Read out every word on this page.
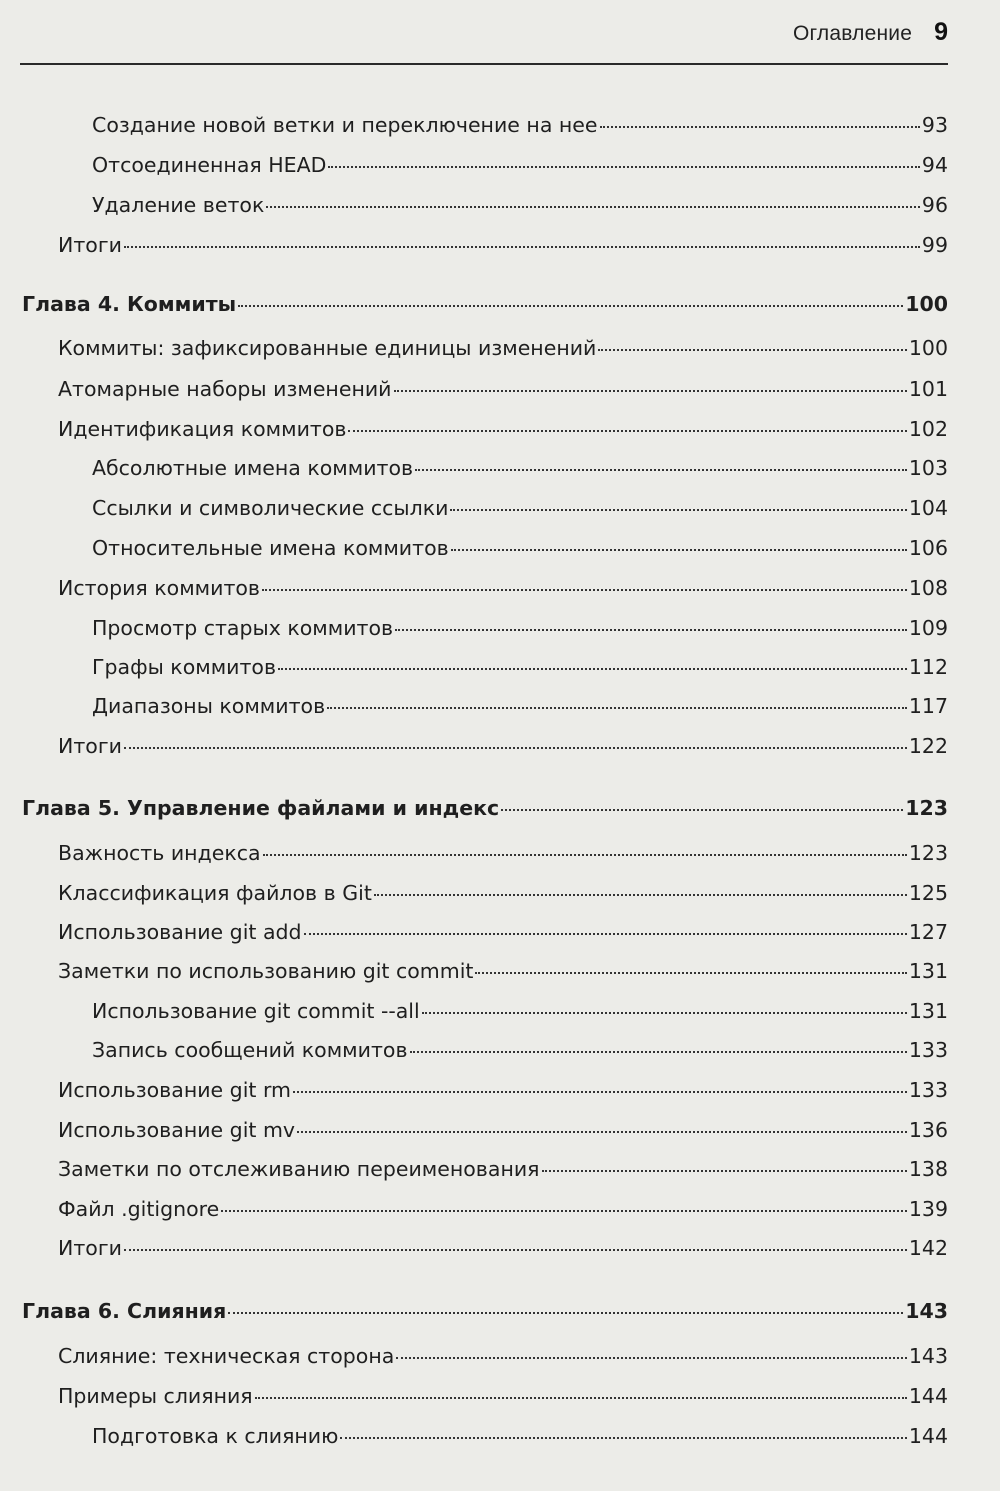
Оглавление 9
Создание новой ветки и переключение на нее	93
Отсоединенная HEAD	94
Удаление веток	96
Итоги	99
Глава 4. Коммиты	100
Коммиты: зафиксированные единицы изменений	100
Атомарные наборы изменений	101
Идентификация коммитов	102
Абсолютные имена коммитов	103
Ссылки и символические ссылки	104
Относительные имена коммитов	106
История коммитов	108
Просмотр старых коммитов	109
Графы коммитов	112
Диапазоны коммитов	117
Итоги	122
Глава 5. Управление файлами и индекс	123
Важность индекса	123
Классификация файлов в Git	125
Использование git add	127
Заметки по использованию git commit	131
Использование git commit --all	131
Запись сообщений коммитов	133
Использование git rm	133
Использование git mv	136
Заметки по отслеживанию переименования	138
Файл .gitignore	139
Итоги	142
Глава 6. Слияния	143
Слияние: техническая сторона	143
Примеры слияния	144
Подготовка к слиянию	144
